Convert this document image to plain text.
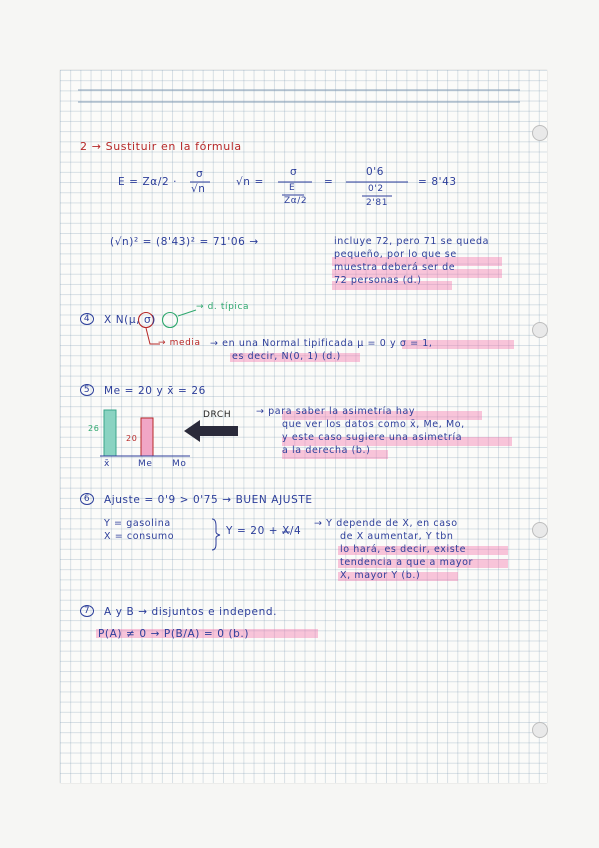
2 → Sustituir en la fórmula
E = Zα/2 ·
σ
√n
√n =
σ
E
Zα/2
=
0'6
0'2
2'81
= 8'43
(√n)² = (8'43)² = 71'06 →	incluye 72, pero 71 se queda
pequeño, por lo que se
muestra deberá ser de
72 personas (d.)
4	X N(μ, σ)
→ d. típica
→ media → en una Normal tipificada μ = 0 y σ = 1,
es decir, N(0, 1) (d.)
5	Me = 20 y x̄ = 26
26
20
x̄	Me Mo
DRCH	→ para saber la asimetría hay
que ver los datos como x̄, Me, Mo,
y este caso sugiere una asimetría
a la derecha (b.)
6	Ajuste = 0'9 > 0'75 → BUEN AJUSTE
Y = gasolina
X = consumo	Y = 20 + X/4
→ Y depende de X, en caso
de X aumentar, Y tbn
lo hará, es decir, existe
tendencia a que a mayor
X, mayor Y (b.)
7	A y B → disjuntos e independ.
P(A) ≠ 0 → P(B/A) = 0 (b.)
